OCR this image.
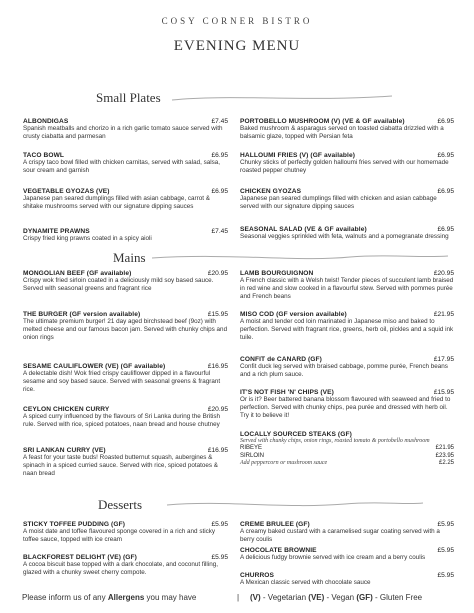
COSY CORNER BISTRO
EVENING MENU
Small Plates
ALBONDIGAS	£7.45
Spanish meatballs and chorizo in a rich garlic tomato sauce served with crusty ciabatta and parmesan
TACO BOWL	£6.95
A crispy taco bowl filled with chicken carnitas, served with salad, salsa, sour cream and garnish
VEGETABLE GYOZAS (VE)	£6.95
Japanese pan seared dumplings filled with asian cabbage, carrot & shitake mushrooms served with our signature dipping sauces
DYNAMITE PRAWNS	£7.45
Crispy fried king prawns coated in a spicy aioli
PORTOBELLO MUSHROOM (V) (VE & GF available)	£6.95
Baked mushroom & asparagus served on toasted ciabatta drizzled with a balsamic glaze, topped with Persian feta
HALLOUMI FRIES (V) (GF available)	£6.95
Chunky sticks of perfectly golden halloumi fries served with our homemade roasted pepper chutney
CHICKEN GYOZAS	£6.95
Japanese pan seared dumplings filled with chicken and asian cabbage served with our signature dipping sauces
SEASONAL SALAD (VE & GF available)	£6.95
Seasonal veggies sprinkled with feta, walnuts and a pomegranate dressing
Mains
MONGOLIAN BEEF (GF available)	£20.95
Crispy wok fried sirloin coated in a deliciously mild soy based sauce. Served with seasonal greens and fragrant rice
THE BURGER (GF version available)	£15.95
The ultimate premium burger! 21 day aged birchstead beef (9oz) with melted cheese and our famous bacon jam. Served with chunky chips and onion rings
SESAME CAULIFLOWER (VE) (GF available)	£16.95
A delectable dish! Wok fried crispy cauliflower dipped in a flavourful sesame and soy based sauce. Served with seasonal greens & fragrant rice.
CEYLON CHICKEN CURRY	£20.95
A spiced curry influenced by the flavours of Sri Lanka during the British rule. Served with rice, spiced potatoes, naan bread and house chutney
SRI LANKAN CURRY (VE)	£16.95
A feast for your taste buds! Roasted butternut squash, aubergines & spinach in a spiced curried sauce. Served with rice, spiced potatoes & naan bread
LAMB BOURGUIGNON	£20.95
A French classic with a Welsh twist! Tender pieces of succulent lamb braised in red wine and slow cooked in a flavourful stew. Served with pommes purée and French beans
MISO COD (GF version available)	£21.95
A moist and tender cod loin marinated in Japanese miso and baked to perfection. Served with fragrant rice, greens, herb oil, pickles and a squid ink tuile.
CONFIT de CANARD (GF)	£17.95
Confit duck leg served with braised cabbage, pomme purée, French beans and a rich plum sauce.
IT'S NOT FISH 'N' CHIPS (VE)	£15.95
Or is it? Beer battered banana blossom flavoured with seaweed and fried to perfection. Served with chunky chips, pea purée and dressed with herb oil. Try it to believe it!
LOCALLY SOURCED STEAKS (GF)
Served with chunky chips, onion rings, roasted tomato & portobello mushroom
RIBEYE	£21.95
SIRLOIN	£23.95
Add peppercorn or mushroom sauce	£2.25
Desserts
STICKY TOFFEE PUDDING (GF)	£5.95
A moist date and toffee flavoured sponge covered in a rich and sticky toffee sauce, topped with ice cream
BLACKFOREST DELIGHT (VE) (GF)	£5.95
A cocoa biscuit base topped with a dark chocolate, and coconut filling, glazed with a chunky sweet cherry compote.
CREME BRULEE (GF)	£5.95
A creamy baked custard with a caramelised sugar coating served with a berry coulis
CHOCOLATE BROWNIE	£5.95
A delicious fudgy brownie served with ice cream and a berry coulis
CHURROS	£5.95
A Mexican classic served with chocolate sauce
Please inform us of any Allergens you may have	| (V) - Vegetarian (VE) - Vegan (GF) - Gluten Free
